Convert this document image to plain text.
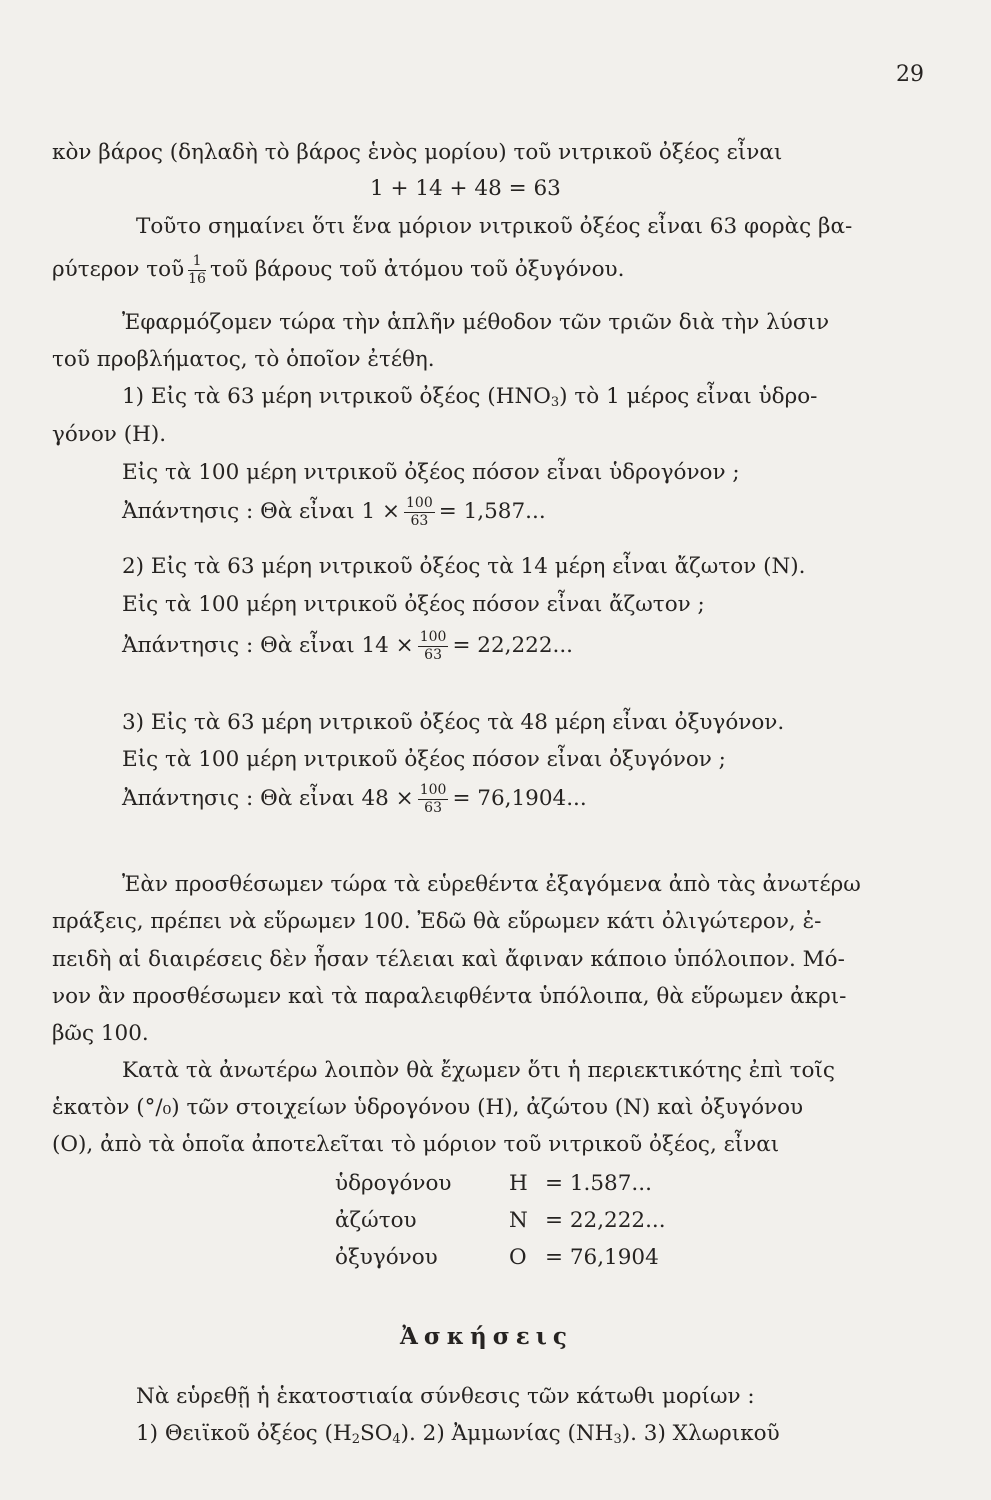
29
κὸν βάρος (δηλαδὴ τὸ βάρος ἑνὸς μορίου) τοῦ νιτρικοῦ ὀξέος εἶναι
1 + 14 + 48 = 63
Τοῦτο σημαίνει ὅτι ἕνα μόριον νιτρικοῦ ὀξέος εἶναι 63 φορὰς βα-
ρύτερον τοῦ $\frac{1}{16}$ τοῦ βάρους τοῦ ἀτόμου τοῦ ὀξυγόνου.
Ἐφαρμόζομεν τώρα τὴν ἁπλῆν μέθοδον τῶν τριῶν διὰ τὴν λύσιν
τοῦ προβλήματος, τὸ ὁποῖον ἐτέθη.
1) Εἰς τὰ 63 μέρη νιτρικοῦ ὀξέος $(HNO_3)$ τὸ 1 μέρος εἶναι ὑδρο-
γόνον (H).
Εἰς τὰ 100 μέρη νιτρικοῦ ὀξέος πόσον εἶναι ὑδρογόνον ;
Ἀπάντησις : Θὰ εἶναι $1 \times \frac{100}{63} = 1,587$...
2) Εἰς τὰ 63 μέρη νιτρικοῦ ὀξέος τὰ 14 μέρη εἶναι ἄζωτον (N).
Εἰς τὰ 100 μέρη νιτρικοῦ ὀξέος πόσον εἶναι ἄζωτον ;
Ἀπάντησις : Θὰ εἶναι $14 \times \frac{100}{63} = 22,222$...
3) Εἰς τὰ 63 μέρη νιτρικοῦ ὀξέος τὰ 48 μέρη εἶναι ὀξυγόνον.
Εἰς τὰ 100 μέρη νιτρικοῦ ὀξέος πόσον εἶναι ὀξυγόνον ;
Ἀπάντησις : Θὰ εἶναι $48 \times \frac{100}{63} = 76,1904$...
Ἐὰν προσθέσωμεν τώρα τὰ εὑρεθέντα ἐξαγόμενα ἀπὸ τὰς ἀνωτέρω
πράξεις, πρέπει νὰ εὕρωμεν 100. Ἐδῶ θὰ εὕρωμεν κάτι ὀλιγώτερον, ἐ-
πειδὴ αἱ διαιρέσεις δὲν ἦσαν τέλειαι καὶ ἄφιναν κάποιο ὑπόλοιπον. Μό-
νον ἂν προσθέσωμεν καὶ τὰ παραλειφθέντα ὑπόλοιπα, θὰ εὕρωμεν ἀκρι-
βῶς 100.
Κατὰ τὰ ἀνωτέρω λοιπὸν θὰ ἔχωμεν ὅτι ἡ περιεκτικότης ἐπὶ τοῖς
ἑκατὸν (°/₀) τῶν στοιχείων ὑδρογόνου (H), ἀζώτου (N) καὶ ὀξυγόνου
(O), ἀπὸ τὰ ὁποῖα ἀποτελεῖται τὸ μόριον τοῦ νιτρικοῦ ὀξέος, εἶναι
ὑδρογόνου	H = 1.587...
ἀζώτου	N = 22,222...
ὀξυγόνου	O = 76,1904
Ἀσκήσεις
Νὰ εὑρεθῇ ἡ ἑκατοστιαία σύνθεσις τῶν κάτωθι μορίων :
1) Θειϊκοῦ ὀξέος $(H_2SO_4)$. 2) Ἀμμωνίας $(NH_3)$. 3) Χλωρικοῦ
